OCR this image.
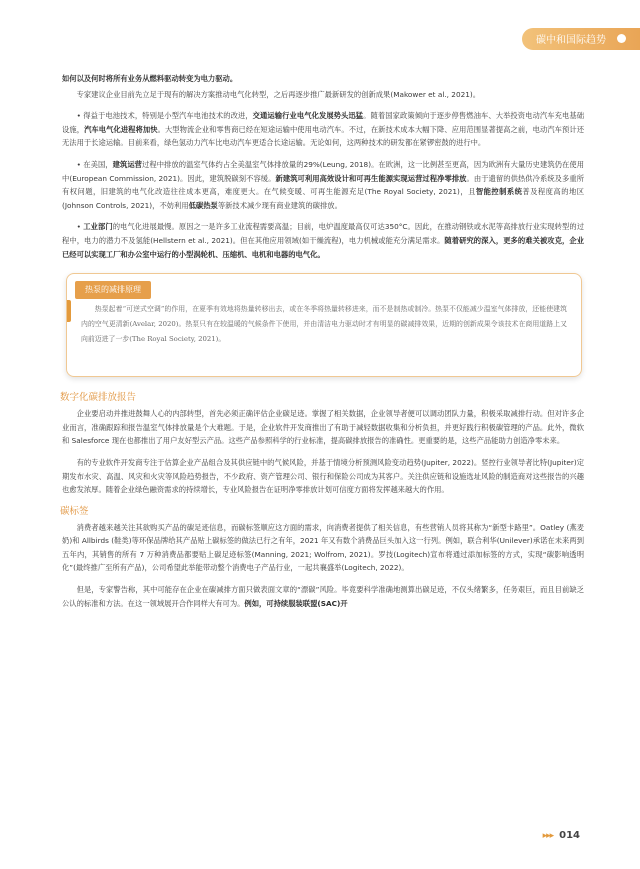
碳中和国际趋势

如何以及何时将所有业务从燃料驱动转变为电力驱动。

专家建议企业目前先立足于现有的解决方案推动电气化转型，之后再逐步推广最新研发的创新成果(Makower et al., 2021)。

• 得益于电池技术，特别是小型汽车电池技术的改进，交通运输行业电气化发展势头迅猛。随着国家政策倾向于逐步停售燃油车、大举投资电动汽车充电基础设施，汽车电气化进程将加快。大型物流企业和零售商已经在短途运输中使用电动汽车。不过，在新技术成本大幅下降、应用范围显著提高之前，电动汽车预计还无法用于长途运输。目前来看，绿色氢动力汽车比电动汽车更适合长途运输。无论如何，这两种技术的研发都在紧锣密鼓的进行中。

• 在美国，建筑运营过程中排放的温室气体约占全美温室气体排放量的29%(Leung, 2018)。在欧洲，这一比例甚至更高，因为欧洲有大量历史建筑仍在使用中(European Commission, 2021)。因此，建筑脱碳刻不容缓。新建筑可利用高效设计和可再生能源实现运营过程净零排放。由于遗留的供热供冷系统及多重所有权问题，旧建筑的电气化改造往往成本更高，难度更大。在气候变暖、可再生能源充足(The Royal Society, 2021)，且智能控制系统普及程度高的地区(Johnson Controls, 2021)，不妨利用低碳热泵等新技术减少现有商业建筑的碳排放。

• 工业部门的电气化进展最慢。原因之一是许多工业流程需要高温；目前，电炉温度最高仅可达350°C。因此，在推动钢铁或水泥等高排放行业实现转型的过程中，电力的潜力不及氢能(Hellstern et al., 2021)。但在其他应用领域(如干燥流程)，电力机械或能充分满足需求。随着研究的深入，更多的难关被攻克，企业已经可以实现工厂和办公室中运行的小型涡轮机、压缩机、电机和电器的电气化。

热泵的减排原理

热泵起着“可逆式空调”的作用，在夏季有效地将热量转移出去，或在冬季将热量转移进来，而不是制热或制冷。热泵不仅能减少温室气体排放，还能使建筑内的空气更清新(Avelar, 2020)。热泵只有在较温暖的气候条件下使用，并由清洁电力驱动时才有明显的碳减排效果，近期的创新成果令该技术在商用道路上又向前迈进了一步(The Royal Society, 2021)。

数字化碳排放报告

企业要启动并推进鼓舞人心的内部转型，首先必须正确评估企业碳足迹。掌握了相关数据，企业领导者便可以调动团队力量，积极采取减排行动。但对许多企业而言，准确跟踪和报告温室气体排放量是个大难题。于是，企业软件开发商推出了有助于减轻数据收集和分析负担，并更好践行积极碳管理的产品。此外，微软和 Salesforce 现在也都推出了用户友好型云产品。这些产品参照科学的行业标准，提高碳排放报告的准确性。更重要的是，这些产品能助力创造净零未来。

有的专业软件开发商专注于估算企业产品组合及其供应链中的气候风险，并基于情境分析预测风险变动趋势(Jupiter, 2022)。竖控行业领导者比特(Jupiter)定期发布水灾、高温、风灾和火灾等风险趋势报告，不少政府、资产管理公司、银行和保险公司成为其客户。关注供应链和设施选址风险的制造商对这些报告的兴趣也愈发浓厚。随着企业绿色融资需求的持续增长，专业风险报告在证明净零排放计划可信度方面将发挥越来越大的作用。

碳标签

消费者越来越关注其欲购买产品的碳足迹信息，而碳标签顺应这方面的需求，向消费者提供了相关信息，有些营销人员将其称为“新型卡路里”。Oatley (燕麦奶)和 Allbirds (鞋类)等环保品牌给其产品贴上碳标签的做法已行之有年，2021 年又有数个消费品巨头加入这一行列。例如，联合利华(Unilever)承诺在未来两到五年内，其销售的所有 7 万种消费品都要贴上碳足迹标签(Manning, 2021; Wolfrom, 2021)。罗技(Logitech)宣布将通过添加标签的方式，实现“碳影响透明化”(最终推广至所有产品)，公司希望此举能带动整个消费电子产品行业，一起共襄盛举(Logitech, 2022)。

但是，专家警告称，其中可能存在企业在碳减排方面只做表面文章的“漂碳”风险。毕竟要科学准确地测算出碳足迹，不仅头绪繁多，任务艰巨，而且目前缺乏公认的标准和方法。在这一领域展开合作同样大有可为。例如，可持续服装联盟(SAC)开

▸▸▸ 014
